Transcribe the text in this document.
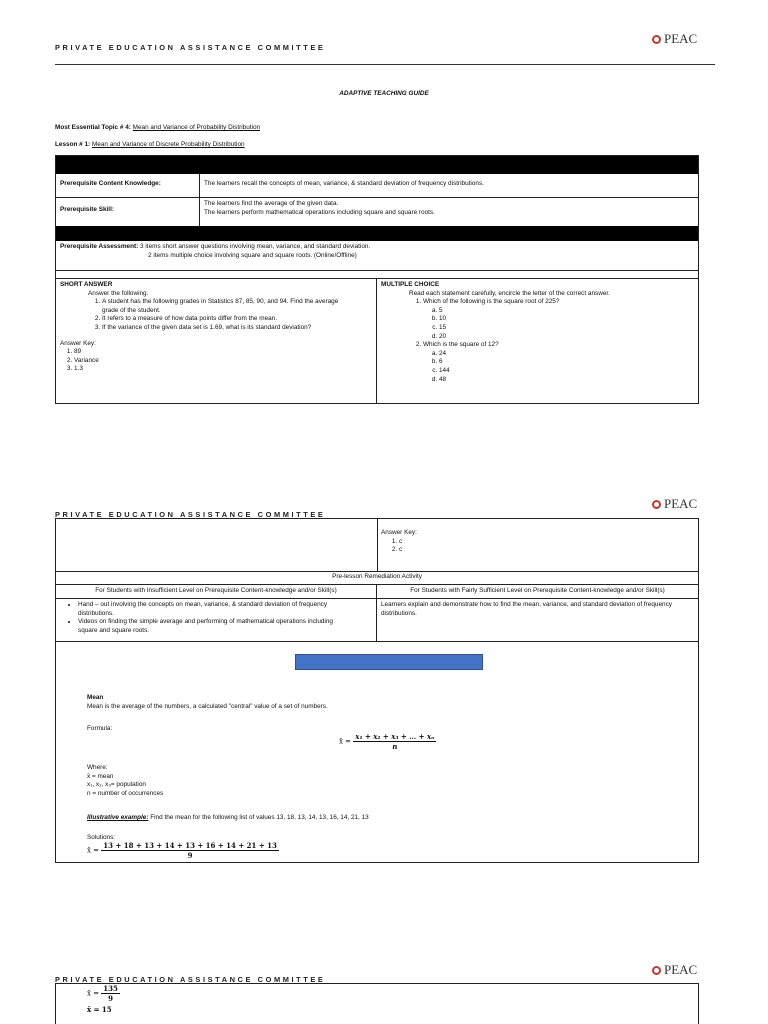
PRIVATE EDUCATION ASSISTANCE COMMITTEE
PEAC
ADAPTIVE TEACHING GUIDE
Most Essential Topic # 4: Mean and Variance of Probability Distribution
Lesson # 1: Mean and Variance of Discrete Probability Distribution
Prerequisite Content Knowledge:	The learners recall the concepts of mean, variance, & standard deviation of frequency distributions.
Prerequisite Skill:
The learners find the average of the given data.
The learners perform mathematical operations including square and square roots.
Prerequisite Assessment: 3 items short answer questions involving mean, variance, and standard deviation.
2 items multiple choice involving square and square roots. (Online/Offline)
SHORT ANSWER
Answer the following.
1. A student has the following grades in Statistics 87, 85, 90, and 94. Find the average grade of the student.
2. It refers to a measure of how data points differ from the mean.
3. If the variance of the given data set is 1.69, what is its standard deviation?
Answer Key:
1. 89
2. Variance
3. 1.3
MULTIPLE CHOICE
Read each statement carefully, encircle the letter of the correct answer.
1. Which of the following is the square root of 225?
a. 5
b. 10
c. 15
d. 20
2. Which is the square of 12?
a. 24
b. 6
c. 144
d. 48
PRIVATE EDUCATION ASSISTANCE COMMITTEE
PEAC
Answer Key:
1. c
2. c
Pre-lesson Remediation Activity
For Students with Insufficient Level on Prerequisite Content-knowledge and/or Skill(s)	For Students with Fairly Sufficient Level on Prerequisite Content-knowledge and/or Skill(s)
• Hand – out involving the concepts on mean, variance, & standard deviation of frequency distributions.
• Videos on finding the simple average and performing of mathematical operations including square and square roots.
Learners explain and demonstrate how to find the mean, variance, and standard deviation of frequency distributions.
Mean
Mean is the average of the numbers, a calculated "central" value of a set of numbers.
Formula:
x̄ = $\frac{\text{x₁ + x₂ + x₃ + … + xₙ}}{n}$
Where:
x̄ = mean
x₁, x₂, x₃= population
n = number of occurrences
Illustrative example: Find the mean for the following list of values 13, 18, 13, 14, 13, 16, 14, 21, 13
Solutions:
x̄ = $\frac{13 + 18 + 13 + 14 + 13 + 16 + 14 + 21 + 13}{9}$
PRIVATE EDUCATION ASSISTANCE COMMITTEE
PEAC
x̄ = $\frac{135}{9}$
x̄ = 15
